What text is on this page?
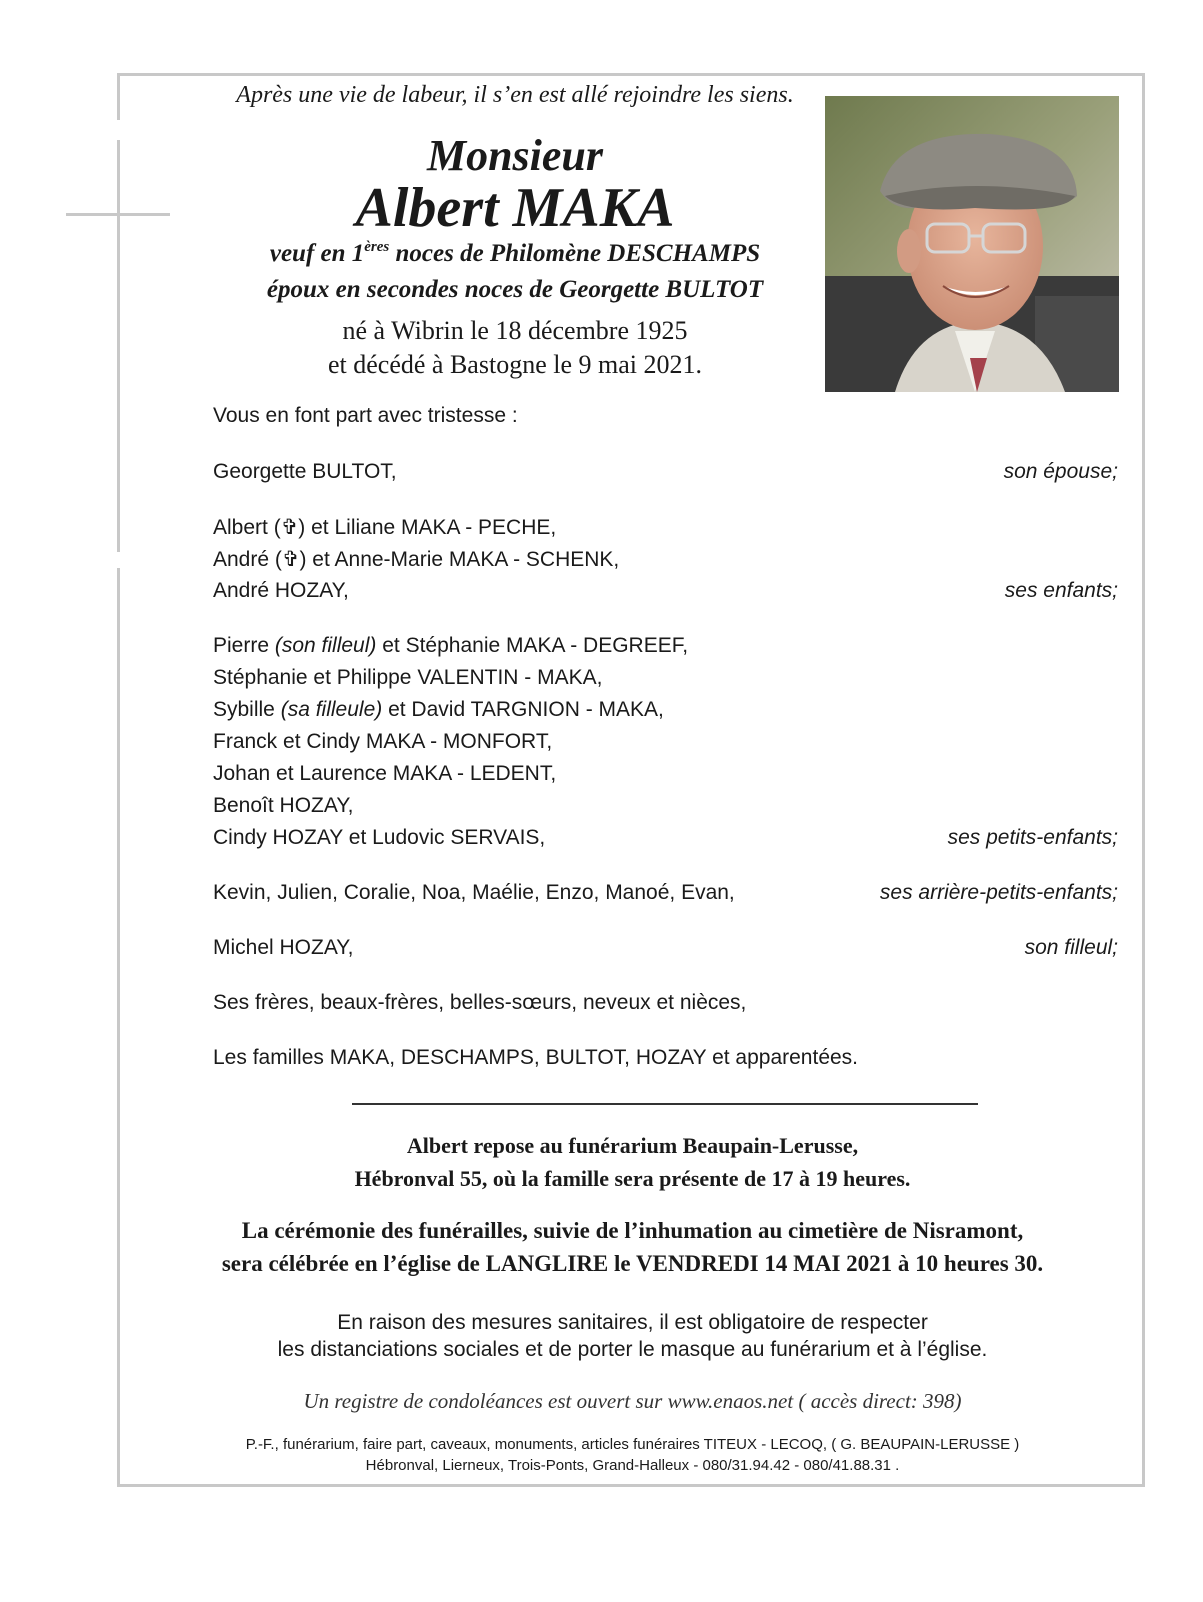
Après une vie de labeur, il s’en est allé rejoindre les siens.
Monsieur
Albert MAKA
veuf en 1ères noces de Philomène DESCHAMPS
époux en secondes noces de Georgette BULTOT
né à Wibrin le 18 décembre 1925
et décédé à Bastogne le 9 mai 2021.
Vous en font part avec tristesse :
Georgette BULTOT,	son épouse;
Albert (✞) et Liliane MAKA - PECHE,
André (✞) et Anne-Marie MAKA - SCHENK,
André HOZAY,	ses enfants;
Pierre (son filleul) et Stéphanie MAKA - DEGREEF,
Stéphanie et Philippe VALENTIN - MAKA,
Sybille (sa filleule) et David TARGNION - MAKA,
Franck et Cindy MAKA - MONFORT,
Johan et Laurence MAKA - LEDENT,
Benoît HOZAY,
Cindy HOZAY et Ludovic SERVAIS,	ses petits-enfants;
Kevin, Julien, Coralie, Noa, Maélie, Enzo, Manoé, Evan,	ses arrière-petits-enfants;
Michel HOZAY,	son filleul;
Ses frères, beaux-frères, belles-sœurs, neveux et nièces,
Les familles MAKA, DESCHAMPS, BULTOT, HOZAY et apparentées.
Albert repose au funérarium Beaupain-Lerusse,
Hébronval 55, où la famille sera présente de 17 à 19 heures.
La cérémonie des funérailles, suivie de l’inhumation au cimetière de Nisramont,
sera célébrée en l’église de LANGLIRE le VENDREDI 14 MAI 2021 à 10 heures 30.
En raison des mesures sanitaires, il est obligatoire de respecter
les distanciations sociales et de porter le masque au funérarium et à l’église.
Un registre de condoléances est ouvert sur www.enaos.net ( accès direct: 398)
P.-F., funérarium, faire part, caveaux, monuments, articles funéraires TITEUX - LECOQ, ( G. BEAUPAIN-LERUSSE )
Hébronval, Lierneux, Trois-Ponts, Grand-Halleux - 080/31.94.42 - 080/41.88.31 .
